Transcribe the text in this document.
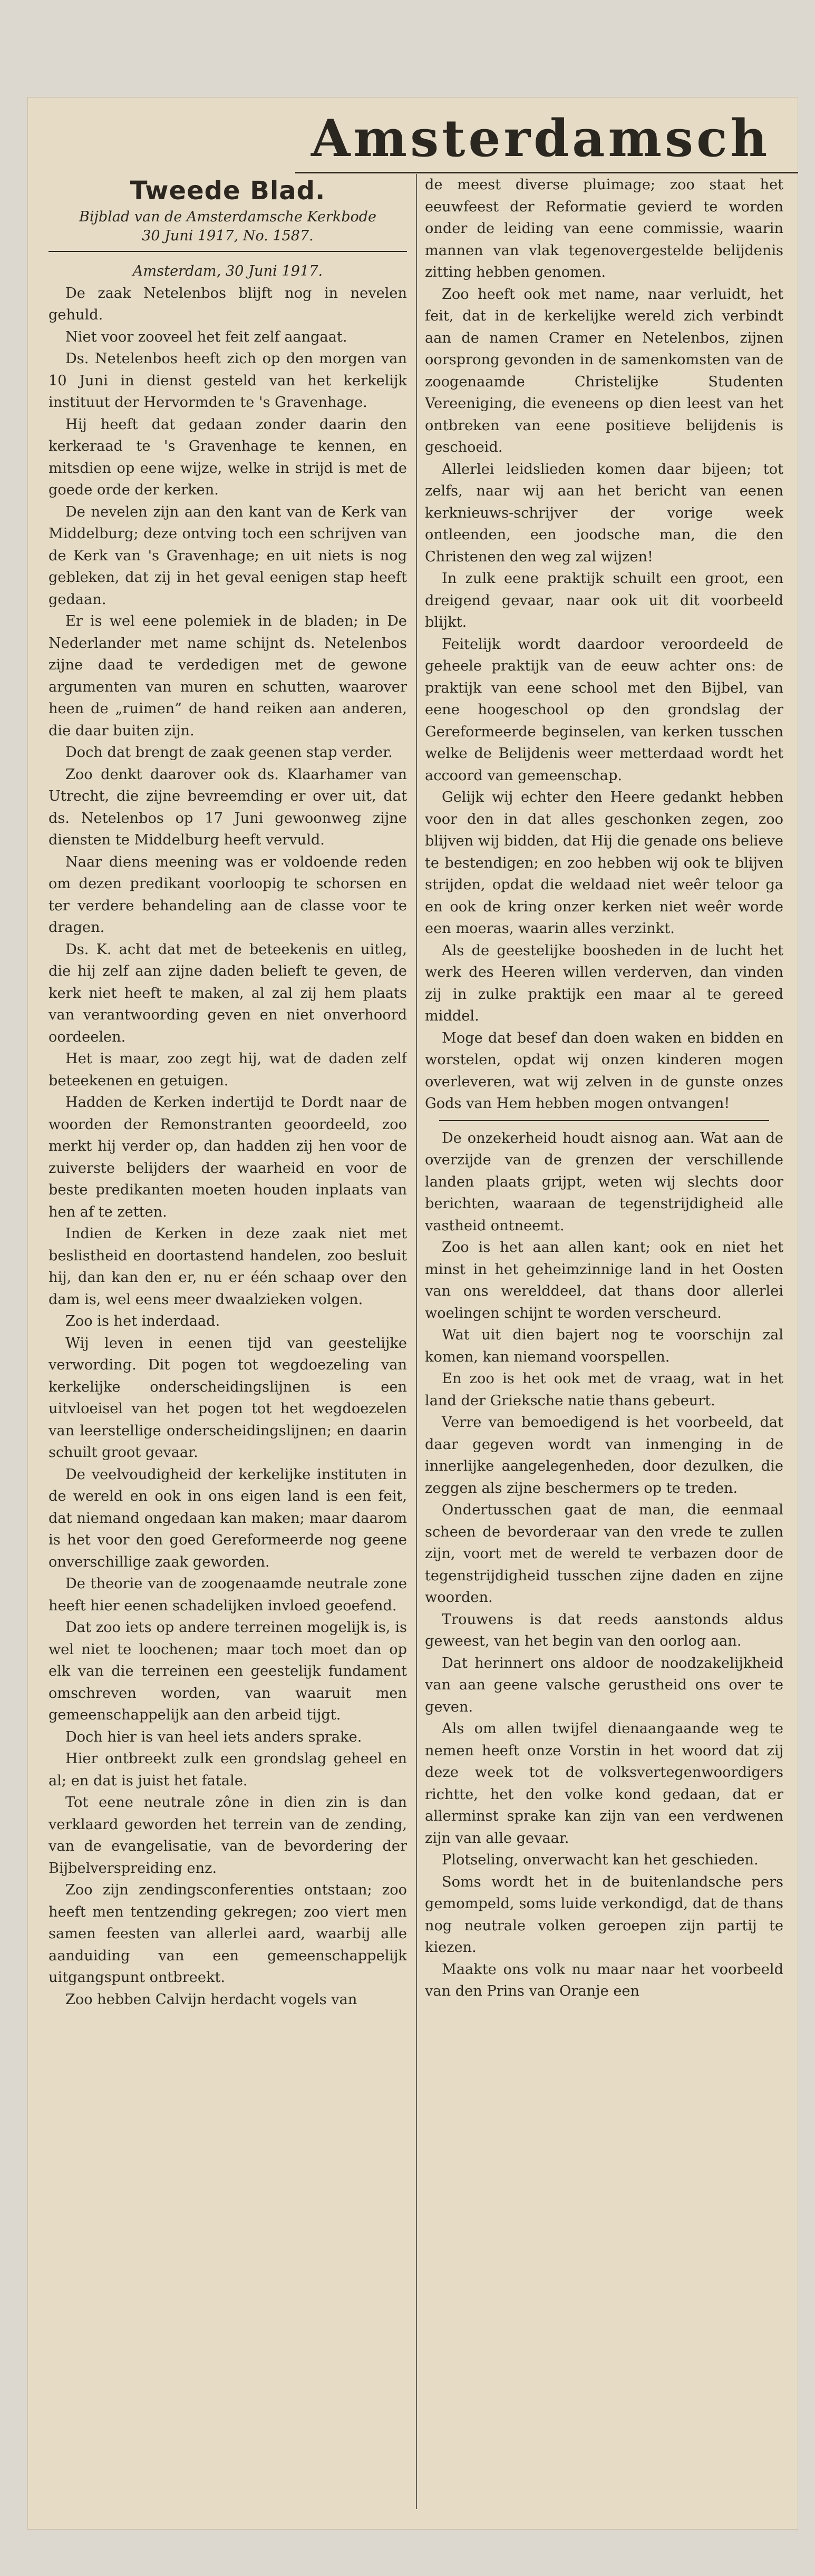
Amsterdamsch
Tweede Blad.
Bijblad van de Amsterdamsche Kerkbode
30 Juni 1917, No. 1587.

Amsterdam, 30 Juni 1917.

De zaak Netelenbos blijft nog in nevelen gehuld.

Niet voor zooveel het feit zelf aangaat.

Ds. Netelenbos heeft zich op den morgen van 10 Juni in dienst gesteld van het kerkelijk instituut der Hervormden te 's Gravenhage.

Hij heeft dat gedaan zonder daarin den kerkeraad te 's Gravenhage te kennen, en mitsdien op eene wijze, welke in strijd is met de goede orde der kerken.

De nevelen zijn aan den kant van de Kerk van Middelburg; deze ontving toch een schrijven van de Kerk van 's Gravenhage; en uit niets is nog gebleken, dat zij in het geval eenigen stap heeft gedaan.

Er is wel eene polemiek in de bladen; in De Nederlander met name schijnt ds. Netelenbos zijne daad te verdedigen met de gewone argumenten van muren en schutten, waarover heen de „ruimen” de hand reiken aan anderen, die daar buiten zijn.

Doch dat brengt de zaak geenen stap verder.

Zoo denkt daarover ook ds. Klaarhamer van Utrecht, die zijne bevreemding er over uit, dat ds. Netelenbos op 17 Juni gewoonweg zijne diensten te Middelburg heeft vervuld.

Naar diens meening was er voldoende reden om dezen predikant voorloopig te schorsen en ter verdere behandeling aan de classe voor te dragen.

Ds. K. acht dat met de beteekenis en uitleg, die hij zelf aan zijne daden belieft te geven, de kerk niet heeft te maken, al zal zij hem plaats van verantwoording geven en niet onverhoord oordeelen.

Het is maar, zoo zegt hij, wat de daden zelf beteekenen en getuigen.

Hadden de Kerken indertijd te Dordt naar de woorden der Remonstranten geoordeeld, zoo merkt hij verder op, dan hadden zij hen voor de zuiverste belijders der waarheid en voor de beste predikanten moeten houden inplaats van hen af te zetten.

Indien de Kerken in deze zaak niet met beslistheid en doortastend handelen, zoo besluit hij, dan kan den er, nu er één schaap over den dam is, wel eens meer dwaalzieken volgen.

Zoo is het inderdaad.

Wij leven in eenen tijd van geestelijke verwording. Dit pogen tot wegdoezeling van kerkelijke onderscheidingslijnen is een uitvloeisel van het pogen tot het wegdoezelen van leerstellige onderscheidingslijnen; en daarin schuilt groot gevaar.

De veelvoudigheid der kerkelijke instituten in de wereld en ook in ons eigen land is een feit, dat niemand ongedaan kan maken; maar daarom is het voor den goed Gereformeerde nog geene onverschillige zaak geworden.

De theorie van de zoogenaamde neutrale zone heeft hier eenen schadelijken invloed geoefend.

Dat zoo iets op andere terreinen mogelijk is, is wel niet te loochenen; maar toch moet dan op elk van die terreinen een geestelijk fundament omschreven worden, van waaruit men gemeenschappelijk aan den arbeid tijgt.

Doch hier is van heel iets anders sprake.

Hier ontbreekt zulk een grondslag geheel en al; en dat is juist het fatale.

Tot eene neutrale zône in dien zin is dan verklaard geworden het terrein van de zending, van de evangelisatie, van de bevordering der Bijbelverspreiding enz.

Zoo zijn zendingsconferenties ontstaan; zoo heeft men tentzending gekregen; zoo viert men samen feesten van allerlei aard, waarbij alle aanduiding van een gemeenschappelijk uitgangspunt ontbreekt.

Zoo hebben Calvijn herdacht vogels van

de meest diverse pluimage; zoo staat het eeuwfeest der Reformatie gevierd te worden onder de leiding van eene commissie, waarin mannen van vlak tegenovergestelde belijdenis zitting hebben genomen.

Zoo heeft ook met name, naar verluidt, het feit, dat in de kerkelijke wereld zich verbindt aan de namen Cramer en Netelenbos, zijnen oorsprong gevonden in de samenkomsten van de zoogenaamde Christelijke Studenten Vereeniging, die eveneens op dien leest van het ontbreken van eene positieve belijdenis is geschoeid.

Allerlei leidslieden komen daar bijeen; tot zelfs, naar wij aan het bericht van eenen kerknieuws-schrijver der vorige week ontleenden, een joodsche man, die den Christenen den weg zal wijzen!

In zulk eene praktijk schuilt een groot, een dreigend gevaar, naar ook uit dit voorbeeld blijkt.

Feitelijk wordt daardoor veroordeeld de geheele praktijk van de eeuw achter ons: de praktijk van eene school met den Bijbel, van eene hoogeschool op den grondslag der Gereformeerde beginselen, van kerken tusschen welke de Belijdenis weer metterdaad wordt het accoord van gemeenschap.

Gelijk wij echter den Heere gedankt hebben voor den in dat alles geschonken zegen, zoo blijven wij bidden, dat Hij die genade ons believe te bestendigen; en zoo hebben wij ook te blijven strijden, opdat die weldaad niet weêr teloor ga en ook de kring onzer kerken niet weêr worde een moeras, waarin alles verzinkt.

Als de geestelijke boosheden in de lucht het werk des Heeren willen verderven, dan vinden zij in zulke praktijk een maar al te gereed middel.

Moge dat besef dan doen waken en bidden en worstelen, opdat wij onzen kinderen mogen overleveren, wat wij zelven in de gunste onzes Gods van Hem hebben mogen ontvangen!

De onzekerheid houdt aisnog aan. Wat aan de overzijde van de grenzen der verschillende landen plaats grijpt, weten wij slechts door berichten, waaraan de tegenstrijdigheid alle vastheid ontneemt.

Zoo is het aan allen kant; ook en niet het minst in het geheimzinnige land in het Oosten van ons werelddeel, dat thans door allerlei woelingen schijnt te worden verscheurd.

Wat uit dien bajert nog te voorschijn zal komen, kan niemand voorspellen.

En zoo is het ook met de vraag, wat in het land der Grieksche natie thans gebeurt.

Verre van bemoedigend is het voorbeeld, dat daar gegeven wordt van inmenging in de innerlijke aangelegenheden, door dezulken, die zeggen als zijne beschermers op te treden.

Ondertusschen gaat de man, die eenmaal scheen de bevorderaar van den vrede te zullen zijn, voort met de wereld te verbazen door de tegenstrijdigheid tusschen zijne daden en zijne woorden.

Trouwens is dat reeds aanstonds aldus geweest, van het begin van den oorlog aan.

Dat herinnert ons aldoor de noodzakelijkheid van aan geene valsche gerustheid ons over te geven.

Als om allen twijfel dienaangaande weg te nemen heeft onze Vorstin in het woord dat zij deze week tot de volksvertegenwoordigers richtte, het den volke kond gedaan, dat er allerminst sprake kan zijn van een verdwenen zijn van alle gevaar.

Plotseling, onverwacht kan het geschieden.

Soms wordt het in de buitenlandsche pers gemompeld, soms luide verkondigd, dat de thans nog neutrale volken geroepen zijn partij te kiezen.

Maakte ons volk nu maar naar het voorbeeld van den Prins van Oranje een
